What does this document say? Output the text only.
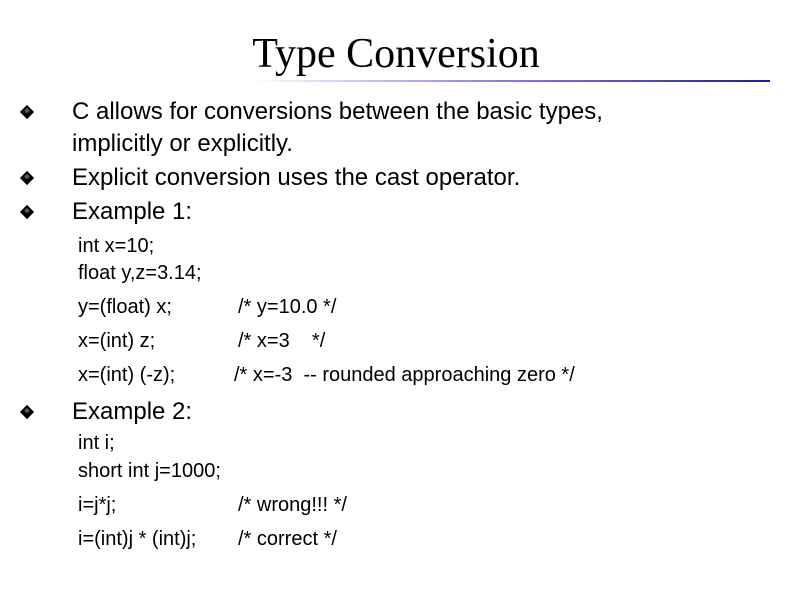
Type Conversion
C allows for conversions between the basic types,
implicitly or explicitly.
Explicit conversion uses the cast operator.
Example 1:
int x=10;
float y,z=3.14;
y=(float) x;	/* y=10.0 */
x=(int) z;	/* x=3    */
x=(int) (-z);	/* x=-3  -- rounded approaching zero */
Example 2:
int i;
short int j=1000;
i=j*j;	/* wrong!!! */
i=(int)j * (int)j; /* correct */
